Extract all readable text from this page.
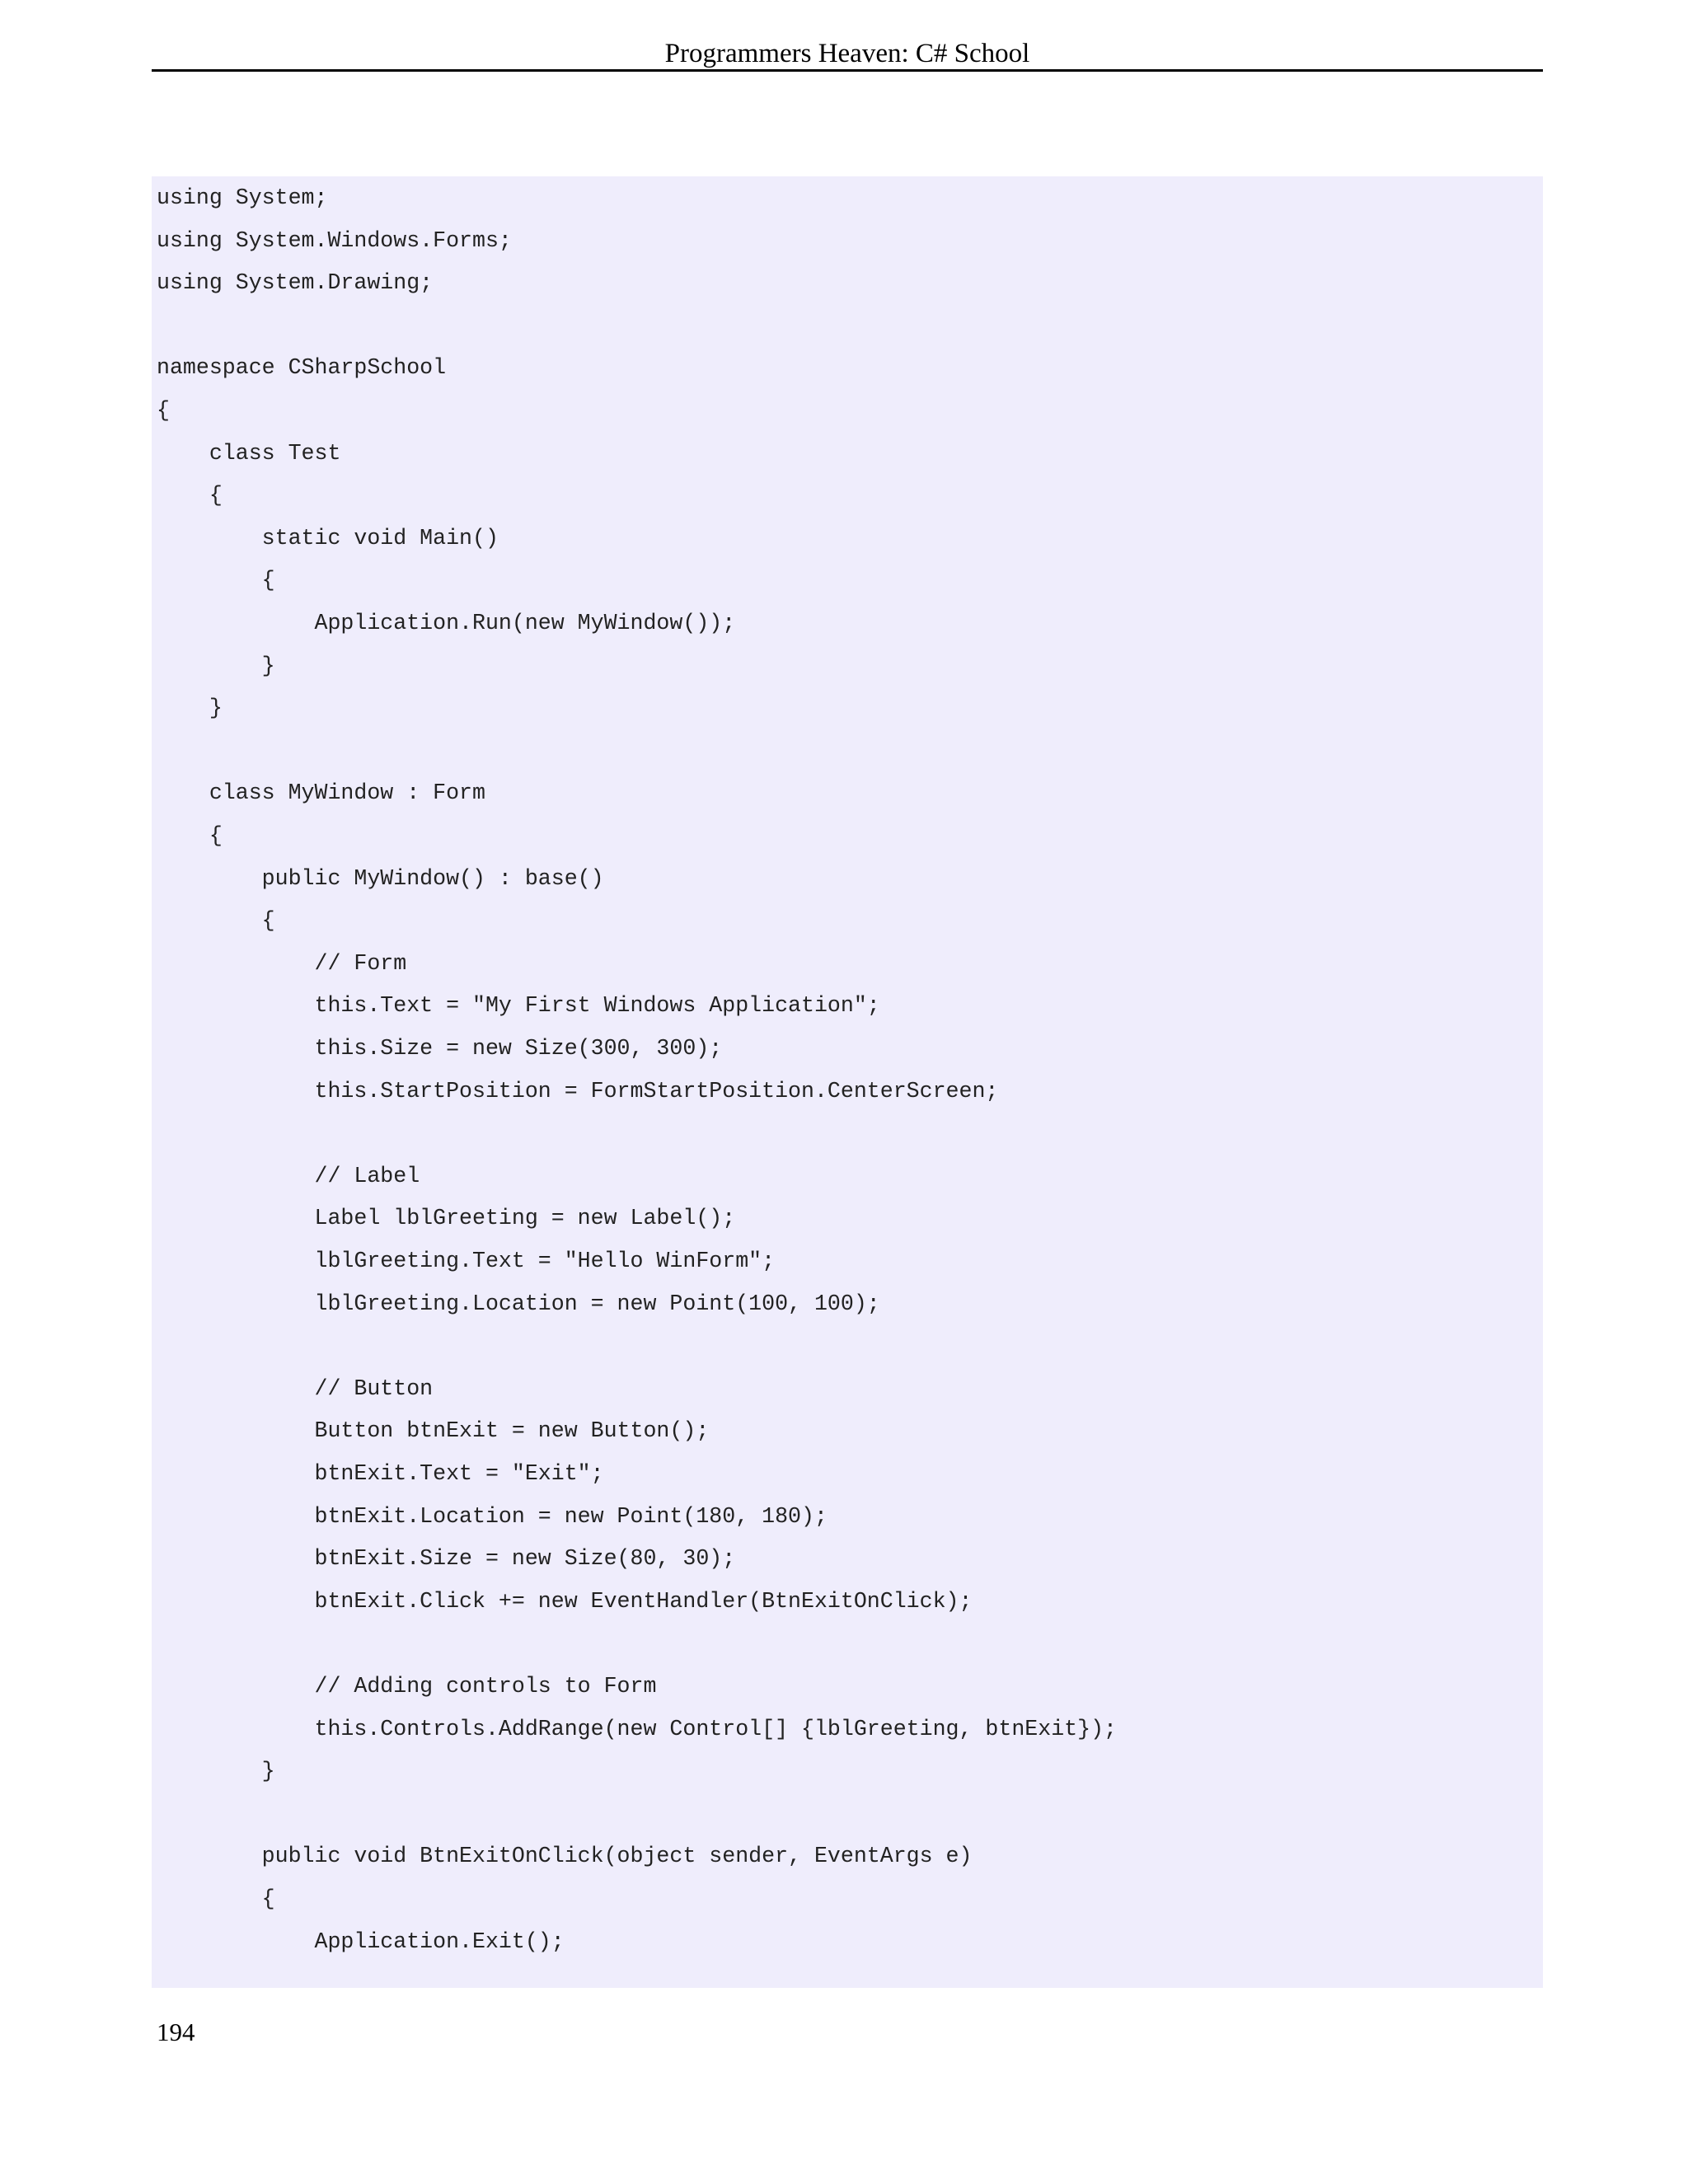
Programmers Heaven: C# School
using System;
using System.Windows.Forms;
using System.Drawing;
namespace CSharpSchool
{
class Test
{
static void Main()
{
Application.Run(new MyWindow());
}
}
class MyWindow : Form
{
public MyWindow() : base()
{
// Form
this.Text = "My First Windows Application";
this.Size = new Size(300, 300);
this.StartPosition = FormStartPosition.CenterScreen;
// Label
Label lblGreeting = new Label();
lblGreeting.Text = "Hello WinForm";
lblGreeting.Location = new Point(100, 100);
// Button
Button btnExit = new Button();
btnExit.Text = "Exit";
btnExit.Location = new Point(180, 180);
btnExit.Size = new Size(80, 30);
btnExit.Click += new EventHandler(BtnExitOnClick);
// Adding controls to Form
this.Controls.AddRange(new Control[] {lblGreeting, btnExit});
}
public void BtnExitOnClick(object sender, EventArgs e)
{
Application.Exit();
194
